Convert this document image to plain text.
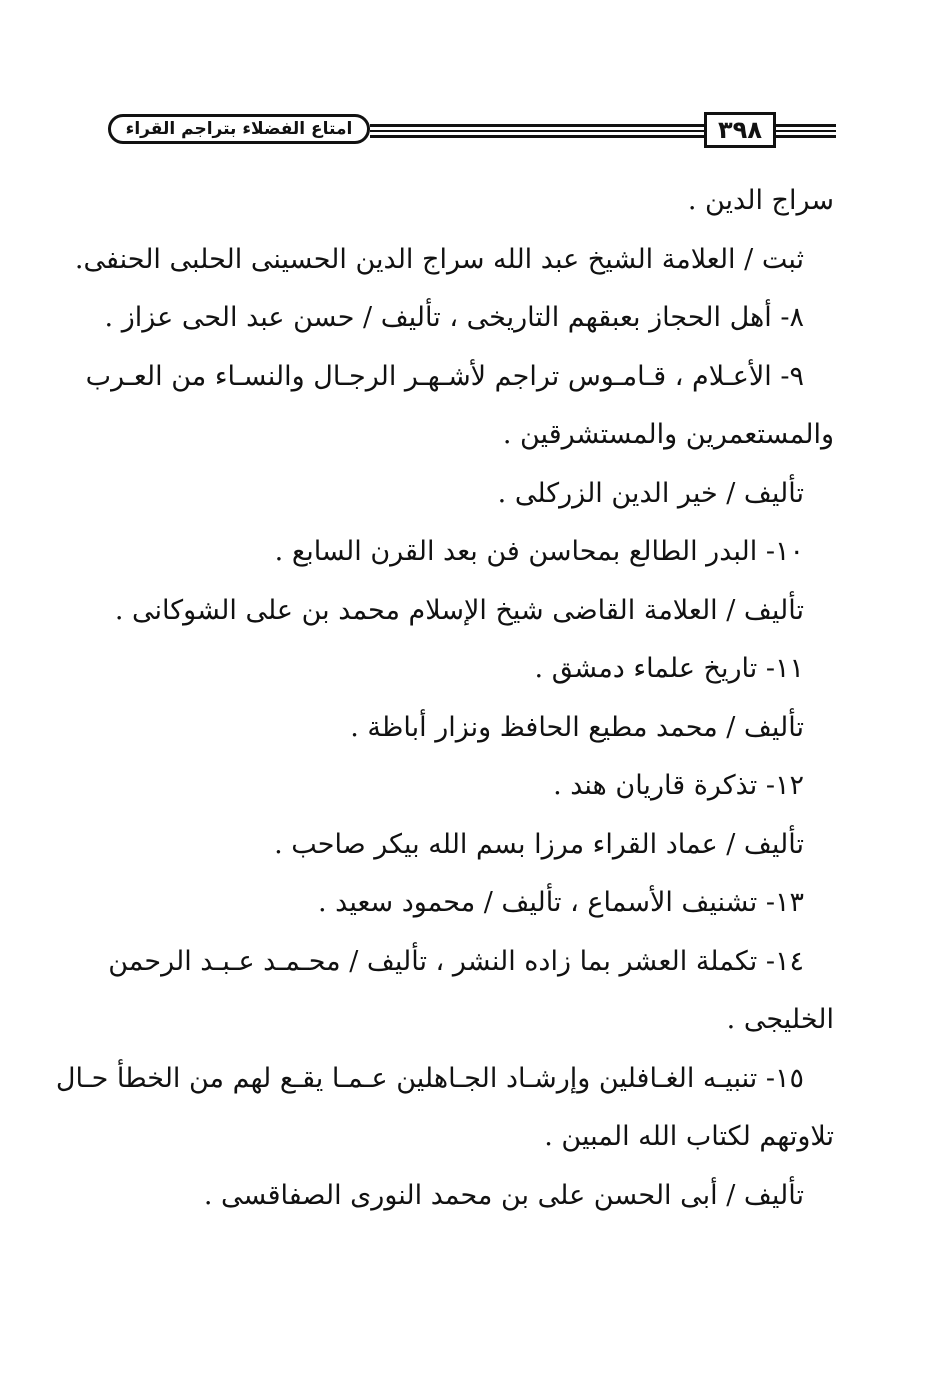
امتاع الفضلاء بتراجم القراء	٣٩٨
سراج الدين .
ثبت / العلامة الشيخ عبد الله سراج الدين الحسينى الحلبى الحنفى.
٨- أهل الحجاز بعبقهم التاريخى ، تأليف / حسن عبد الحى عزاز .
٩- الأعـلام ، قـامـوس تراجم لأشـهـر الرجـال والنسـاء من العـرب
والمستعمرين والمستشرقين .
تأليف / خير الدين الزركلى .
١٠- البدر الطالع بمحاسن فن بعد القرن السابع .
تأليف / العلامة القاضى شيخ الإسلام محمد بن على الشوكانى .
١١- تاريخ علماء دمشق .
تأليف / محمد مطيع الحافظ ونزار أباظة .
١٢- تذكرة قاريان هند .
تأليف / عماد القراء مرزا بسم الله بيكر صاحب .
١٣- تشنيف الأسماع ، تأليف / محمود سعيد .
١٤- تكملة العشر بما زاده النشر ، تأليف / محـمـد عـبـد الرحمن
الخليجى .
١٥- تنبيـه الغـافلين وإرشـاد الجـاهلين عـمـا يقـع لهم من الخطأ حـال
تلاوتهم لكتاب الله المبين .
تأليف / أبى الحسن على بن محمد النورى الصفاقسى .
